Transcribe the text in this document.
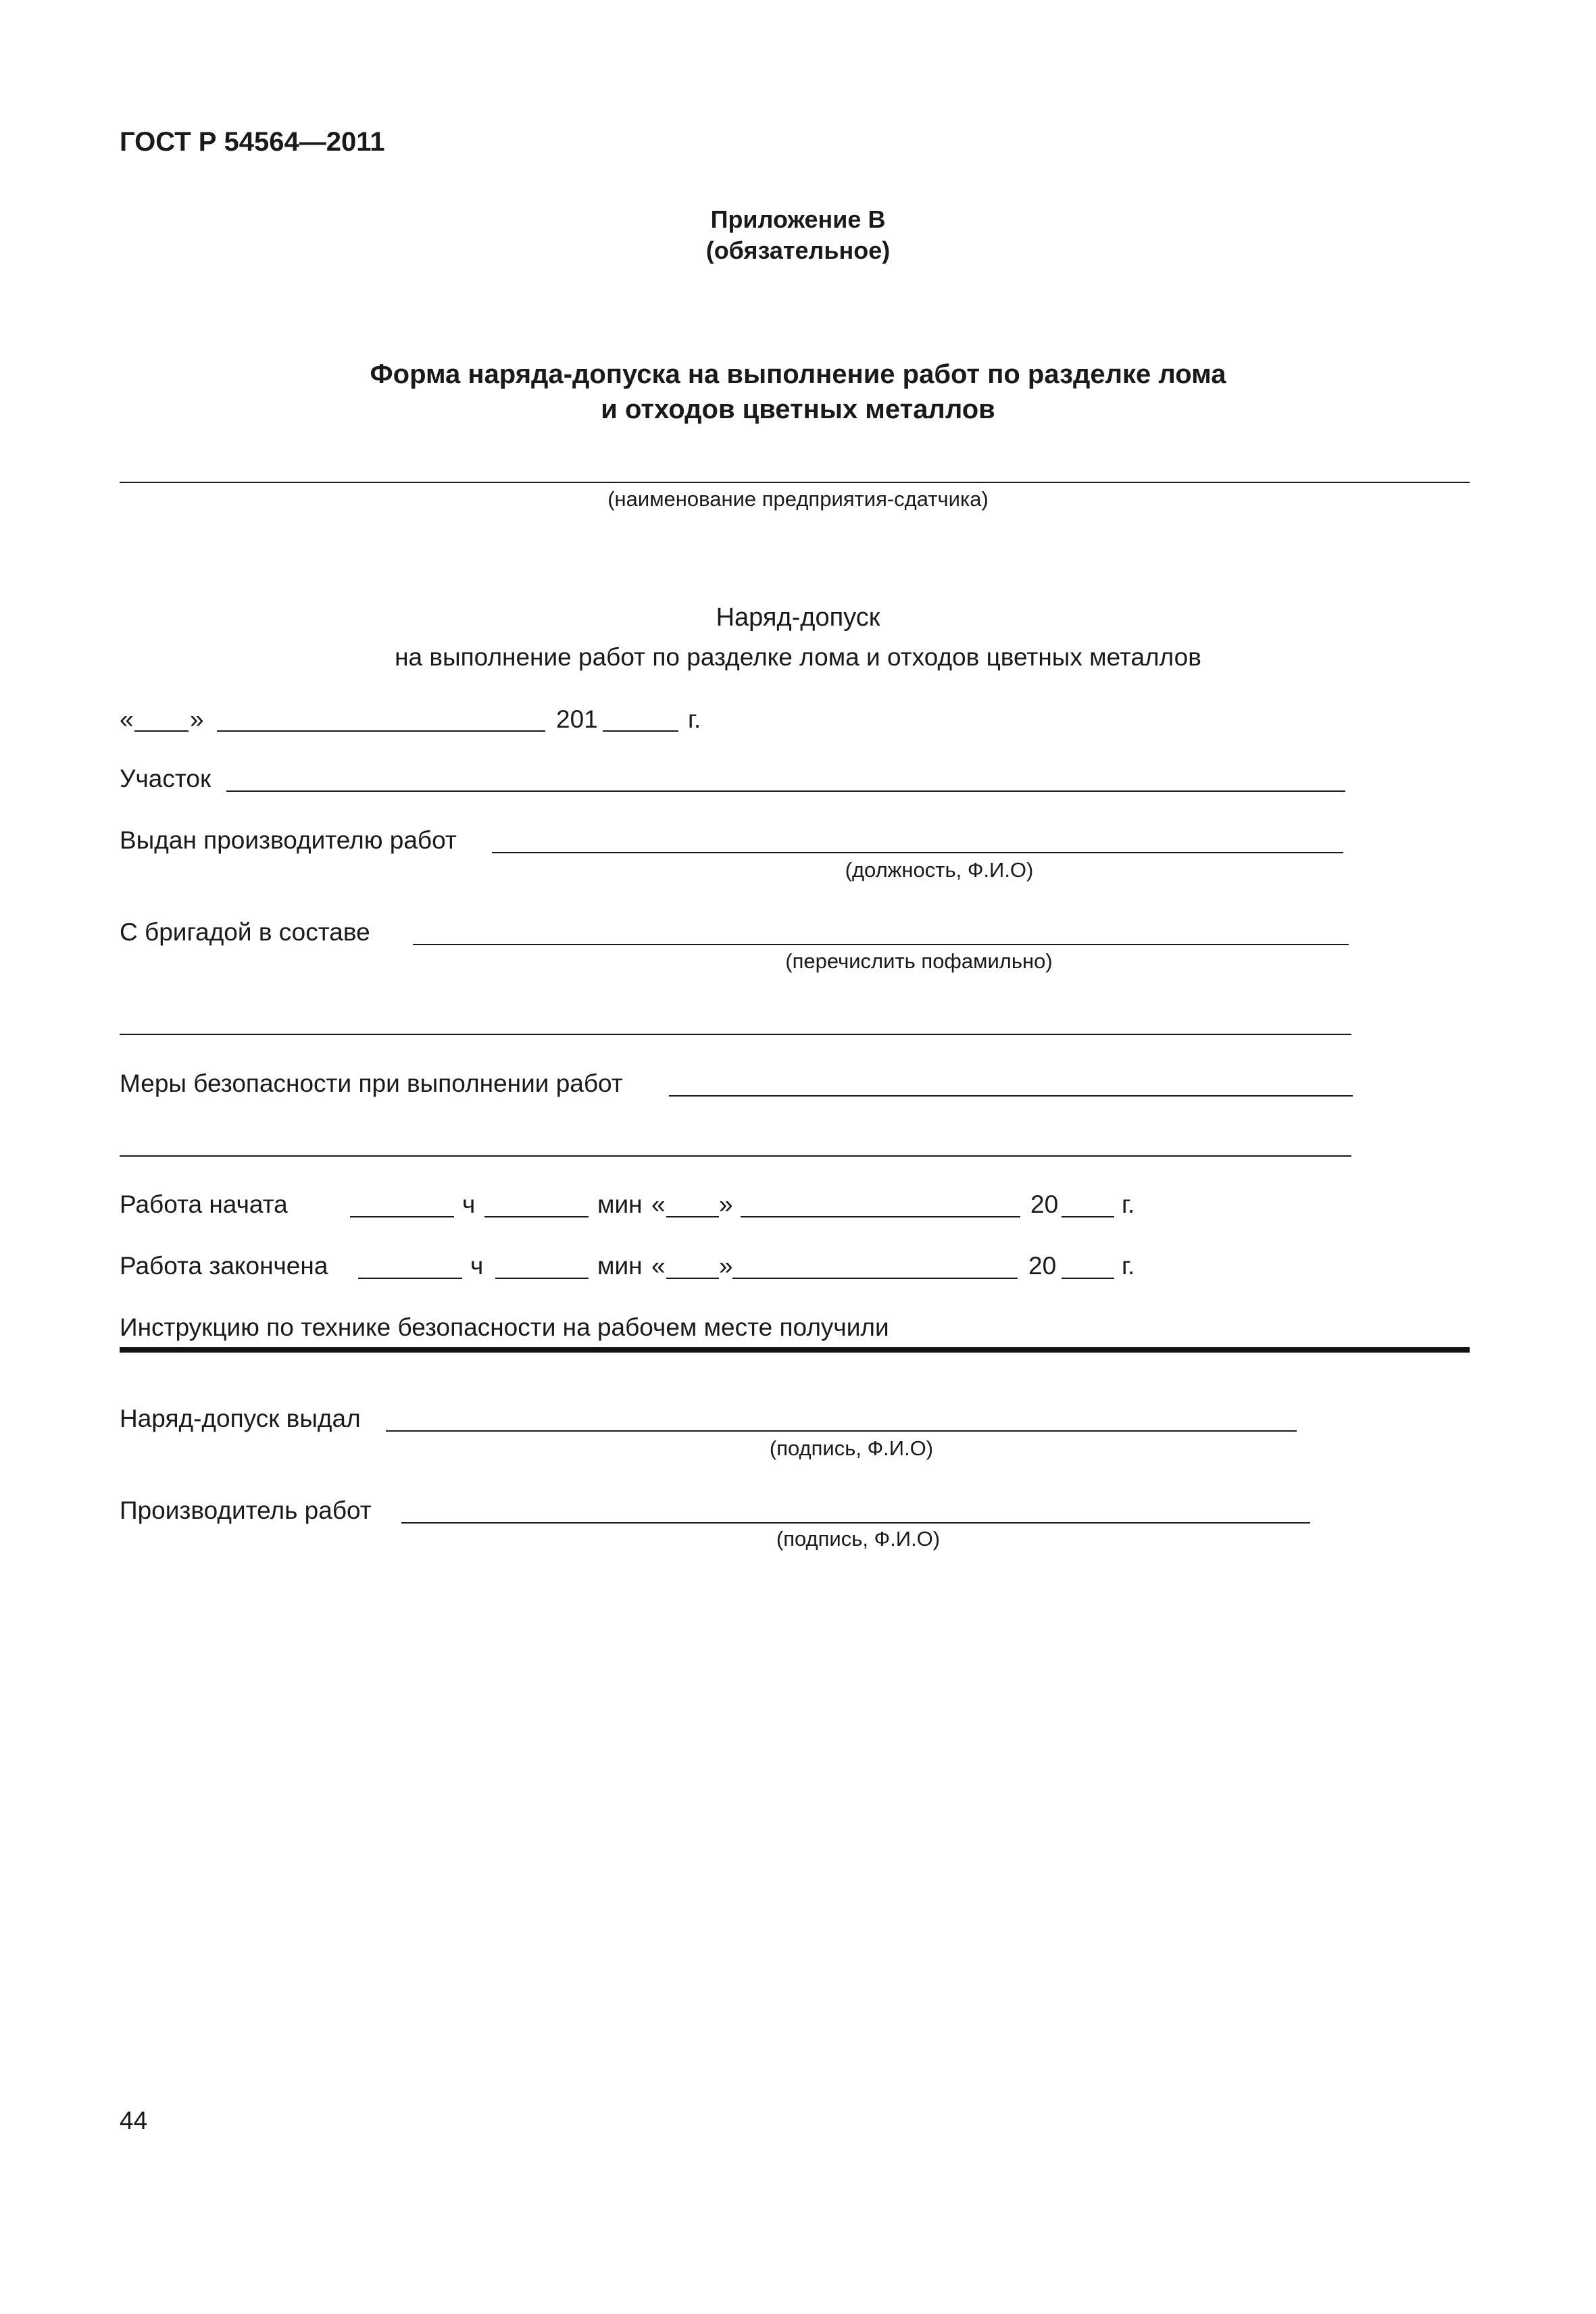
ГОСТ Р 54564—2011
Приложение В
(обязательное)
Форма наряда-допуска на выполнение работ по разделке лома
и отходов цветных металлов
(наименование предприятия-сдатчика)
Наряд-допуск
на выполнение работ по разделке лома и отходов цветных металлов
« »	201	г.
Участок
Выдан производителю работ
(должность, Ф.И.О)
С бригадой в составе
(перечислить пофамильно)
Меры безопасности при выполнении работ
Работа начата	ч	мин « »	20	г.
Работа закончена	ч	мин « »	20	г.
Инструкцию по технике безопасности на рабочем месте получили
Наряд-допуск выдал
(подпись, Ф.И.О)
Производитель работ
(подпись, Ф.И.О)
44
